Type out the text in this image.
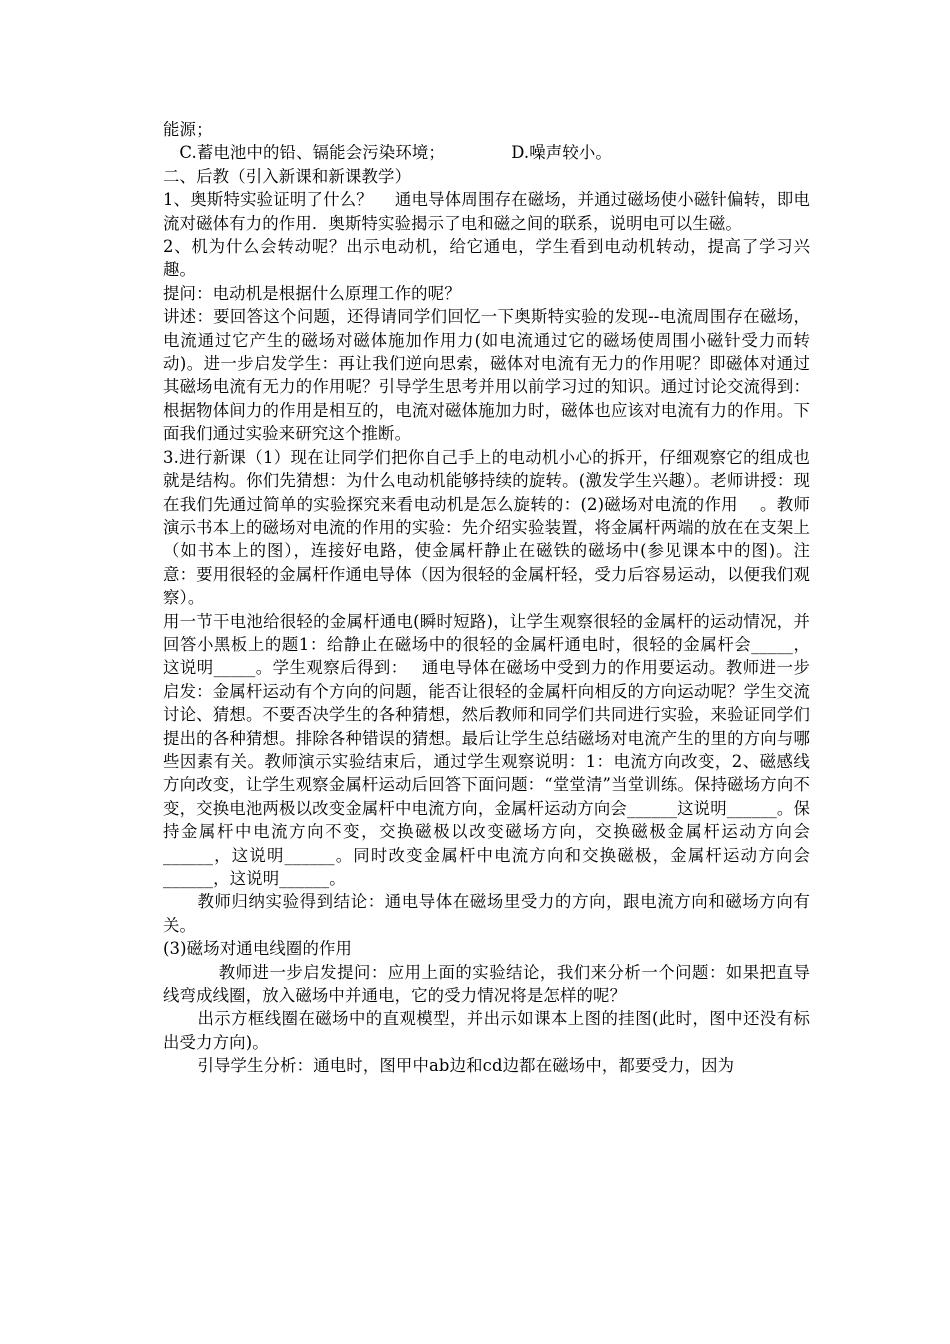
能源；

C.蓄电池中的铅、镉能会污染环境；	D.噪声较小。

二、后教（引入新课和新课教学）

1、奥斯特实验证明了什么？　 通电导体周围存在磁场，并通过磁场使小磁针偏转，即电流对磁体有力的作用．奥斯特实验揭示了电和磁之间的联系，说明电可以生磁。

2、机为什么会转动呢？出示电动机，给它通电，学生看到电动机转动，提高了学习兴趣。

提问：电动机是根据什么原理工作的呢？

讲述：要回答这个问题，还得请同学们回忆一下奥斯特实验的发现--电流周围存在磁场，电流通过它产生的磁场对磁体施加作用力(如电流通过它的磁场使周围小磁针受力而转动)。进一步启发学生：再让我们逆向思索，磁体对电流有无力的作用呢？即磁体对通过其磁场电流有无力的作用呢？引导学生思考并用以前学习过的知识。通过讨论交流得到：根据物体间力的作用是相互的，电流对磁体施加力时，磁体也应该对电流有力的作用。下面我们通过实验来研究这个推断。

3.进行新课（1）现在让同学们把你自己手上的电动机小心的拆开，仔细观察它的组成也就是结构。你们先猜想：为什么电动机能够持续的旋转。(激发学生兴趣）。老师讲授：现在我们先通过简单的实验探究来看电动机是怎么旋转的：(2)磁场对电流的作用　 。教师演示书本上的磁场对电流的作用的实验：先介绍实验装置，将金属杆两端的放在在支架上（如书本上的图），连接好电路，使金属杆静止在磁铁的磁场中(参见课本中的图)。注意：要用很轻的金属杆作通电导体（因为很轻的金属杆轻，受力后容易运动，以便我们观察）。

用一节干电池给很轻的金属杆通电(瞬时短路)，让学生观察很轻的金属杆的运动情况，并回答小黑板上的题1：给静止在磁场中的很轻的金属杆通电时，很轻的金属杆会_____，这说明_____。学生观察后得到：　 通电导体在磁场中受到力的作用要运动。教师进一步启发：金属杆运动有个方向的问题，能否让很轻的金属杆向相反的方向运动呢？学生交流讨论、猜想。不要否决学生的各种猜想，然后教师和同学们共同进行实验，来验证同学们提出的各种猜想。排除各种错误的猜想。最后让学生总结磁场对电流产生的里的方向与哪些因素有关。教师演示实验结束后，通过学生观察说明：1：电流方向改变，2、磁感线方向改变，让学生观察金属杆运动后回答下面问题：“堂堂清”当堂训练。保持磁场方向不变，交换电池两极以改变金属杆中电流方向，金属杆运动方向会______这说明______。保持金属杆中电流方向不变，交换磁极以改变磁场方向，交换磁极金属杆运动方向会______，这说明______。同时改变金属杆中电流方向和交换磁极，金属杆运动方向会______，这说明______。

教师归纳实验得到结论：通电导体在磁场里受力的方向，跟电流方向和磁场方向有关。

(3)磁场对通电线圈的作用

教师进一步启发提问：应用上面的实验结论，我们来分析一个问题：如果把直导线弯成线圈，放入磁场中并通电，它的受力情况将是怎样的呢？

出示方框线圈在磁场中的直观模型，并出示如课本上图的挂图(此时，图中还没有标出受力方向)。

引导学生分析：通电时，图甲中ab边和cd边都在磁场中，都要受力，因为
